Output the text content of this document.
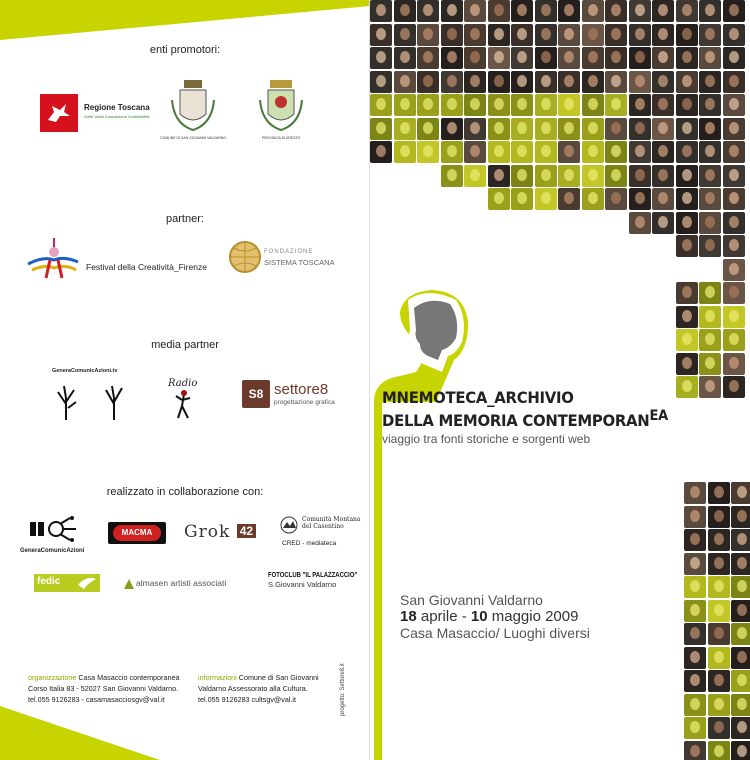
enti promotori:
Regione Toscana
Diritti Valori Innovazione Sostenibilità
COMUNE DI SAN GIOVANNI VALDARNO	PROVINCIA DI AREZZO
partner:
Festival della Creatività_Firenze
FONDAZIONE
SISTEMA TOSCANA
media partner
GeneraComunicAzioni.tv
Radio
S8 settore8
progettazione grafica
realizzato in collaborazione con:
GeneraComunicAzioni
MACMA	Grok 42
Comunità Montana del Casentino
CRED - mediateca
fedic	almasen artisti associati
FOTOCLUB "IL PALAZZACCIO"
S.Giovanni Valdarno
organizzazione Casa Masaccio contemporanea
Corso Italia 83 - 52027 San Giovanni Valdarno.
tel.055 9126283 - casamasacciosgv@val.it
informazioni Comune di San Giovanni
Valdarno Assessorato alla Cultura.
tel.055 9126283 cultsgv@val.it	progetto: Settore8.it
MNEMOTECA_ARCHIVIO
DELLA MEMORIA CONTEMPORANEA
viaggio tra fonti storiche e sorgenti web
San Giovanni Valdarno
18 aprile - 10 maggio 2009
Casa Masaccio/ Luoghi diversi
